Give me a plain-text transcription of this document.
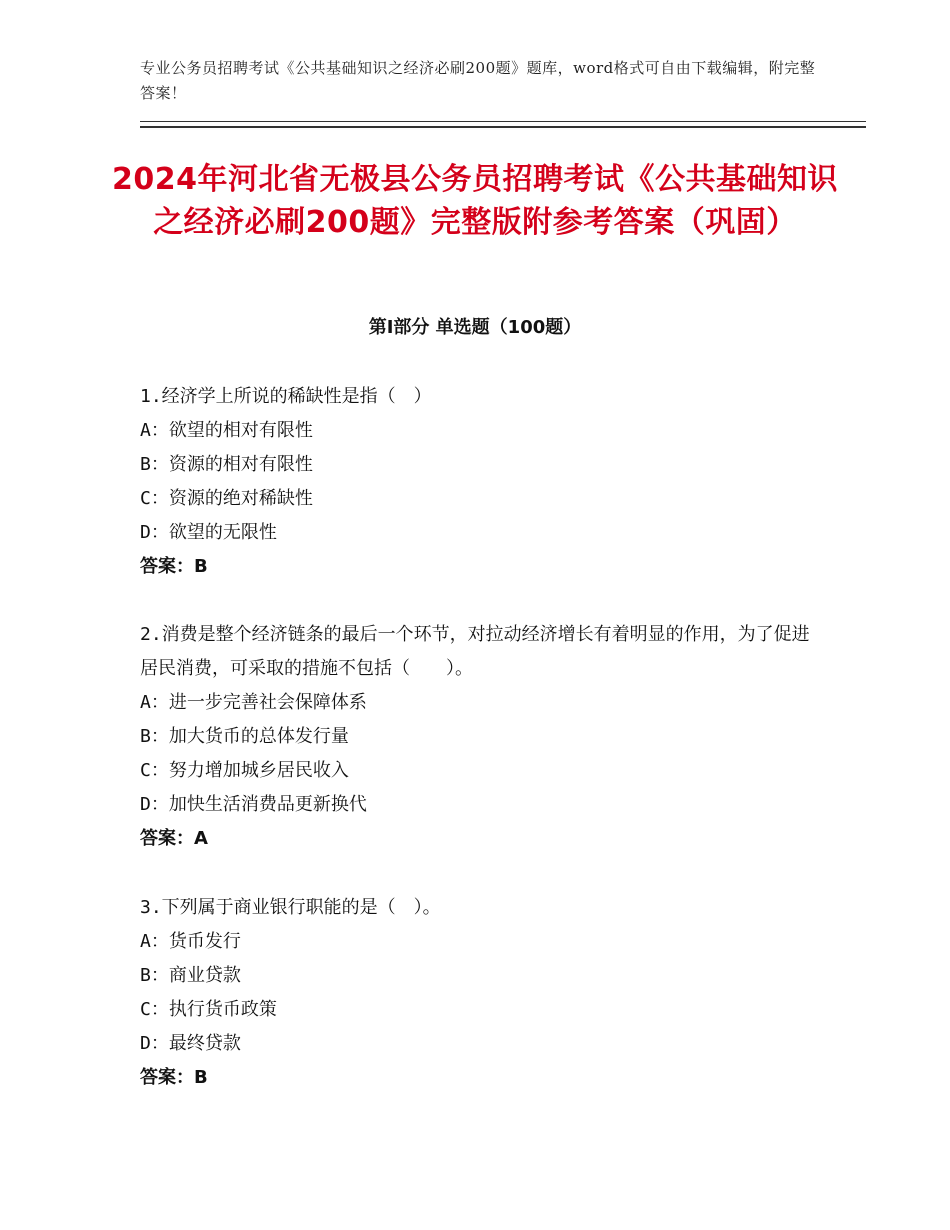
专业公务员招聘考试《公共基础知识之经济必刷200题》题库，word格式可自由下载编辑，附完整答案！
2024年河北省无极县公务员招聘考试《公共基础知识之经济必刷200题》完整版附参考答案（巩固）
第Ⅰ部分 单选题（100题）
1.经济学上所说的稀缺性是指（　）
A：欲望的相对有限性
B：资源的相对有限性
C：资源的绝对稀缺性
D：欲望的无限性
答案：B
2.消费是整个经济链条的最后一个环节，对拉动经济增长有着明显的作用，为了促进居民消费，可采取的措施不包括（　　）。
A：进一步完善社会保障体系
B：加大货币的总体发行量
C：努力增加城乡居民收入
D：加快生活消费品更新换代
答案：A
3.下列属于商业银行职能的是（　）。
A：货币发行
B：商业贷款
C：执行货币政策
D：最终贷款
答案：B
